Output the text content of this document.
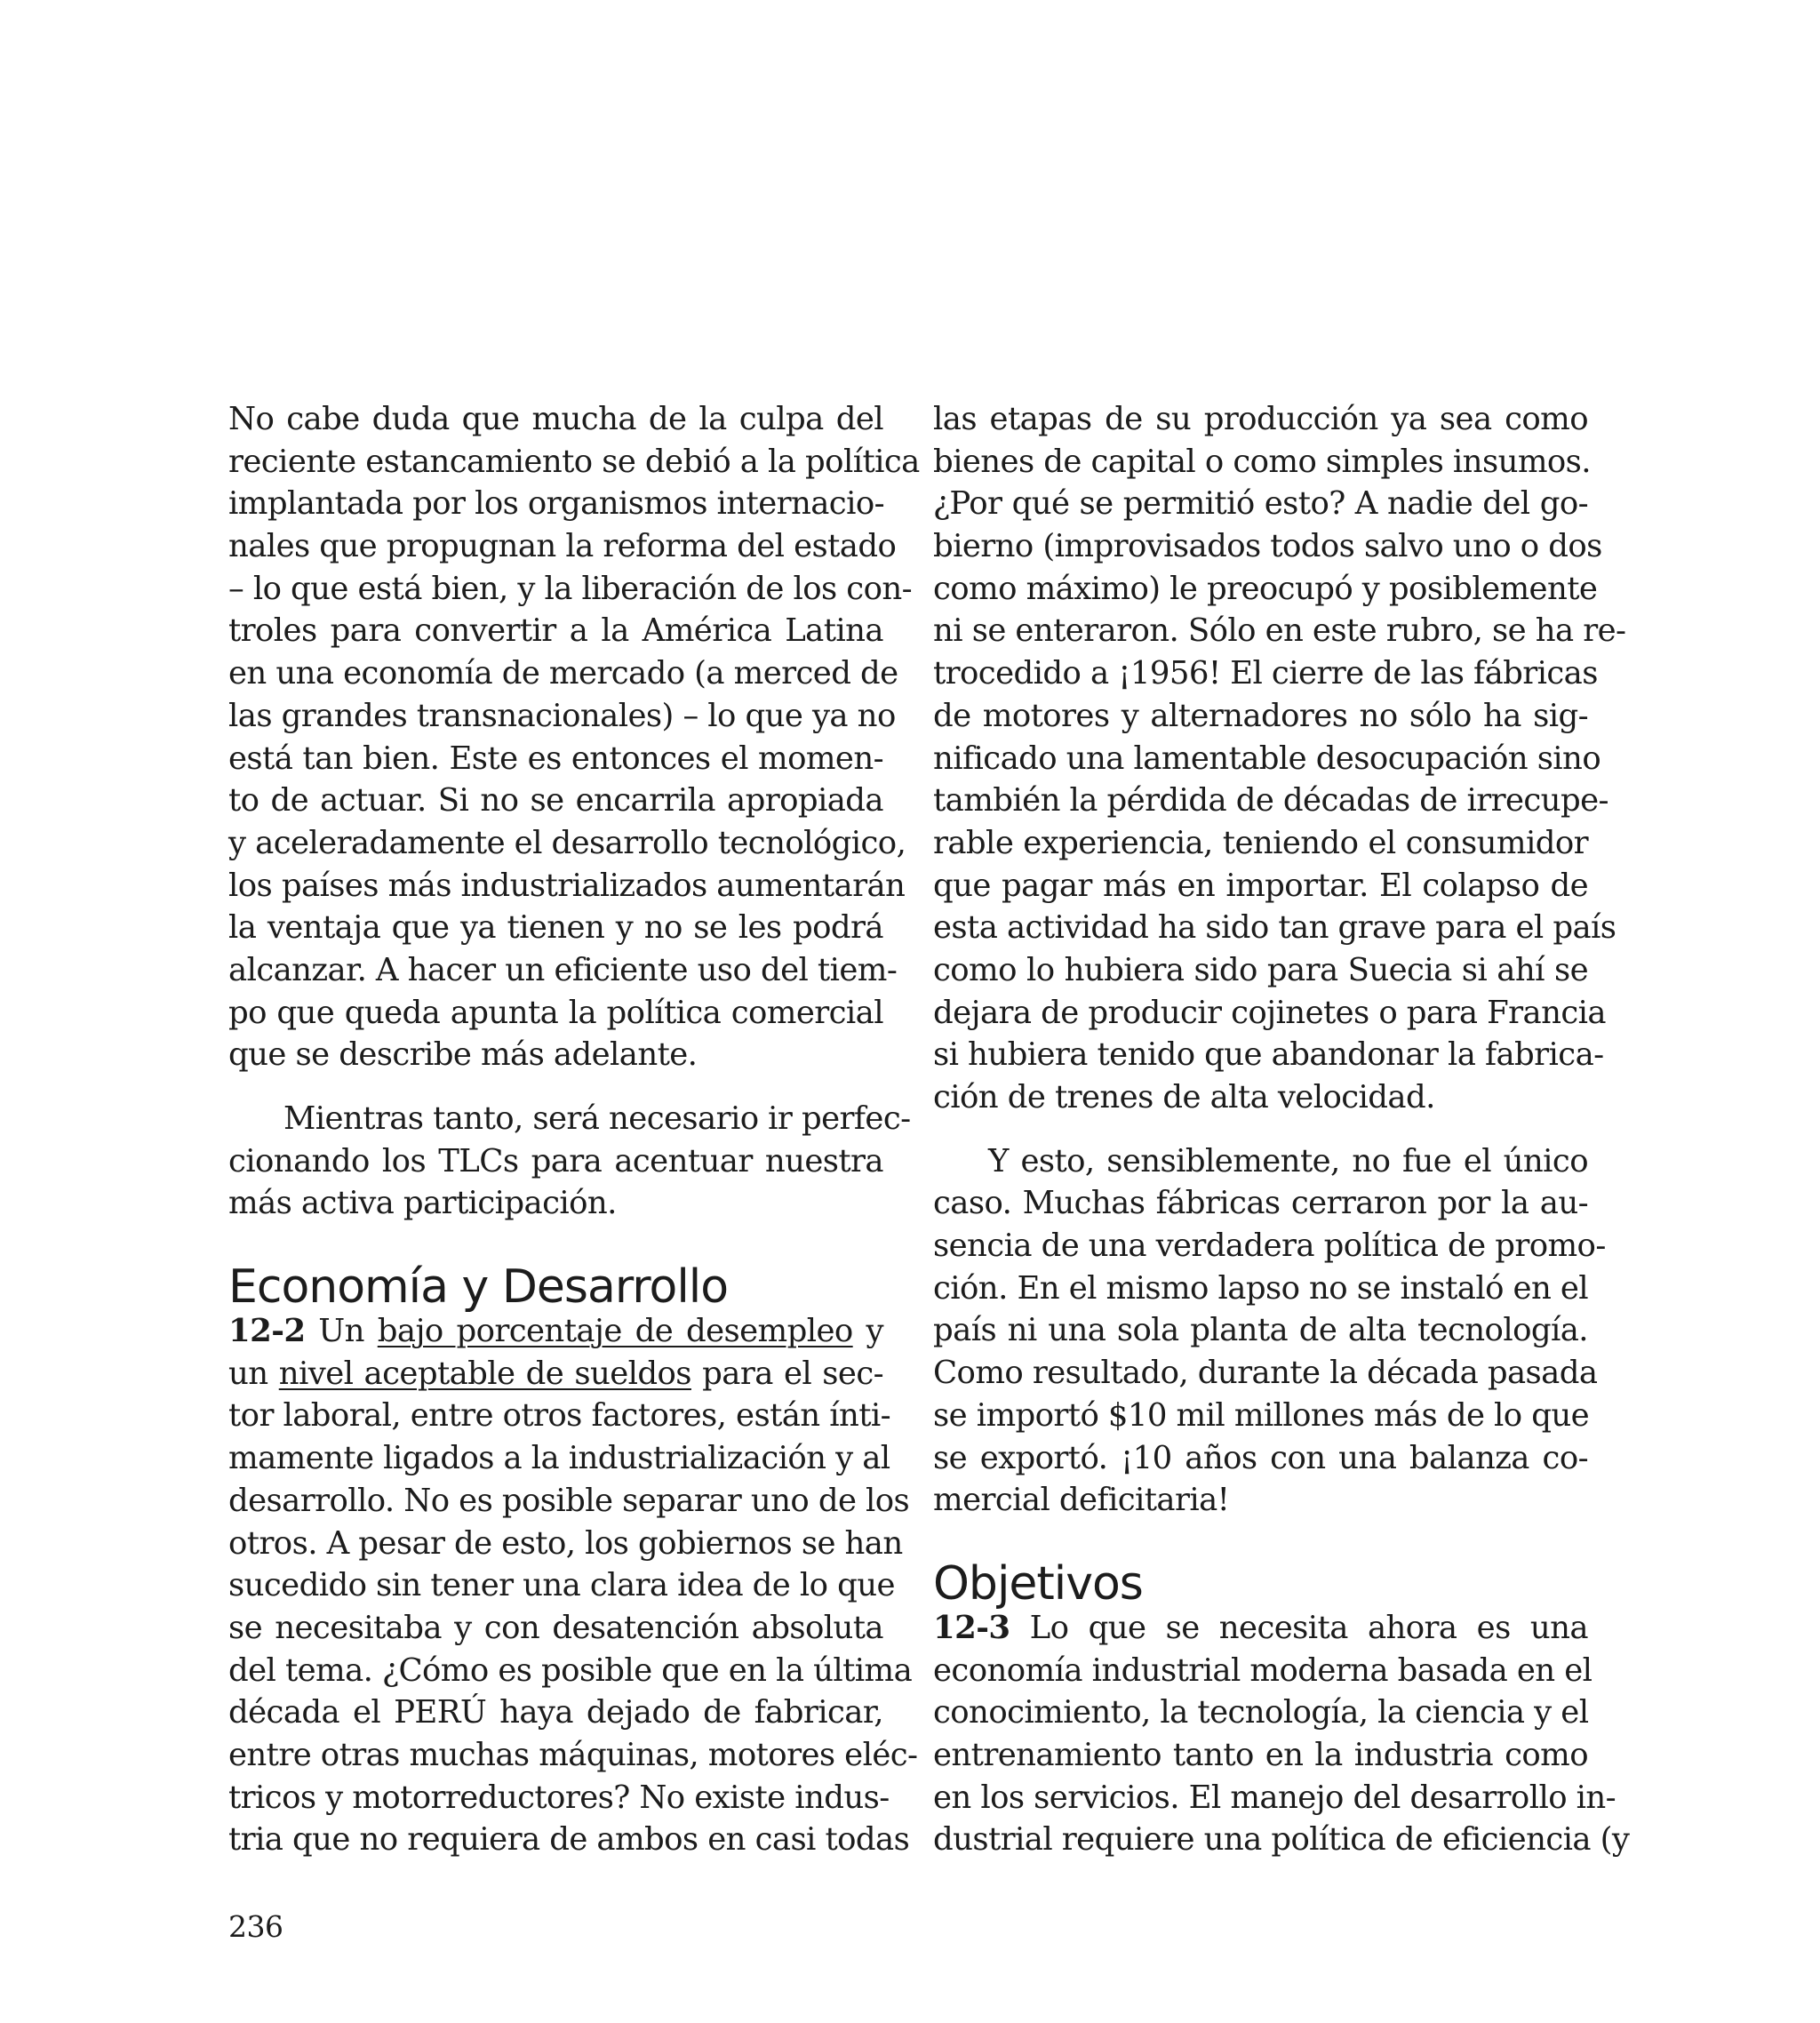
No cabe duda que mucha de la culpa del
reciente estancamiento se debió a la política
implantada por los organismos internacio-
nales que propugnan la reforma del estado
– lo que está bien, y la liberación de los con-
troles para convertir a la América Latina
en una economía de mercado (a merced de
las grandes transnacionales) – lo que ya no
está tan bien. Este es entonces el momen-
to de actuar. Si no se encarrila apropiada
y aceleradamente el desarrollo tecnológico,
los países más industrializados aumentarán
la ventaja que ya tienen y no se les podrá
alcanzar. A hacer un eficiente uso del tiem-
po que queda apunta la política comercial
que se describe más adelante.
Mientras tanto, será necesario ir perfec-
cionando los TLCs para acentuar nuestra
más activa participación.
Economía y Desarrollo
12-2 Un bajo porcentaje de desempleo y
un nivel aceptable de sueldos para el sec-
tor laboral, entre otros factores, están ínti-
mamente ligados a la industrialización y al
desarrollo. No es posible separar uno de los
otros. A pesar de esto, los gobiernos se han
sucedido sin tener una clara idea de lo que
se necesitaba y con desatención absoluta
del tema. ¿Cómo es posible que en la última
década el PERÚ haya dejado de fabricar,
entre otras muchas máquinas, motores eléc-
tricos y motorreductores? No existe indus-
tria que no requiera de ambos en casi todas
las etapas de su producción ya sea como
bienes de capital o como simples insumos.
¿Por qué se permitió esto? A nadie del go-
bierno (improvisados todos salvo uno o dos
como máximo) le preocupó y posiblemente
ni se enteraron. Sólo en este rubro, se ha re-
trocedido a ¡1956! El cierre de las fábricas
de motores y alternadores no sólo ha sig-
nificado una lamentable desocupación sino
también la pérdida de décadas de irrecupe-
rable experiencia, teniendo el consumidor
que pagar más en importar. El colapso de
esta actividad ha sido tan grave para el país
como lo hubiera sido para Suecia si ahí se
dejara de producir cojinetes o para Francia
si hubiera tenido que abandonar la fabrica-
ción de trenes de alta velocidad.
Y esto, sensiblemente, no fue el único
caso. Muchas fábricas cerraron por la au-
sencia de una verdadera política de promo-
ción. En el mismo lapso no se instaló en el
país ni una sola planta de alta tecnología.
Como resultado, durante la década pasada
se importó $10 mil millones más de lo que
se exportó. ¡10 años con una balanza co-
mercial deficitaria!
Objetivos
12-3 Lo que se necesita ahora es una
economía industrial moderna basada en el
conocimiento, la tecnología, la ciencia y el
entrenamiento tanto en la industria como
en los servicios. El manejo del desarrollo in-
dustrial requiere una política de eficiencia (y
236
